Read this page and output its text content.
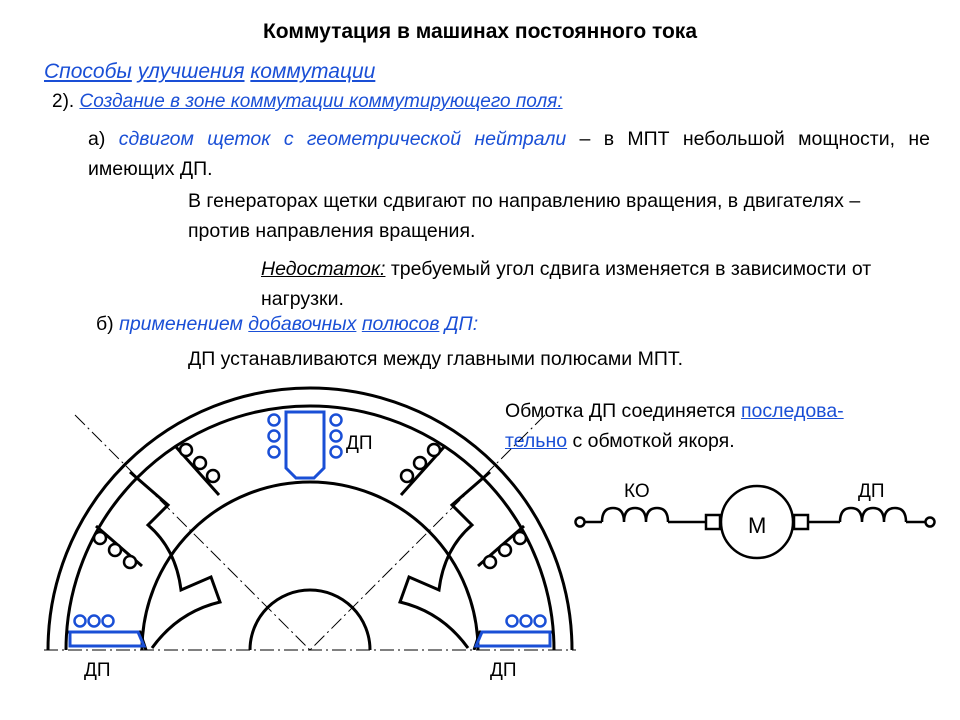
Коммутация в машинах постоянного тока
Способы улучшения коммутации
2). Создание в зоне коммутации коммутирующего поля:
а) сдвигом щеток с геометрической нейтрали – в МПТ небольшой мощности, не имеющих ДП.
В генераторах щетки сдвигают по направлению вращения, в двигателях – против направления вращения.
Недостаток: требуемый угол сдвига изменяется в зависимости от нагрузки.
б) применением добавочных полюсов ДП:
ДП устанавливаются между главными полюсами МПТ.
Обмотка ДП соединяется последова-
тельно с обмоткой якоря.
ДП
ДП	ДП
КО	ДП
М
